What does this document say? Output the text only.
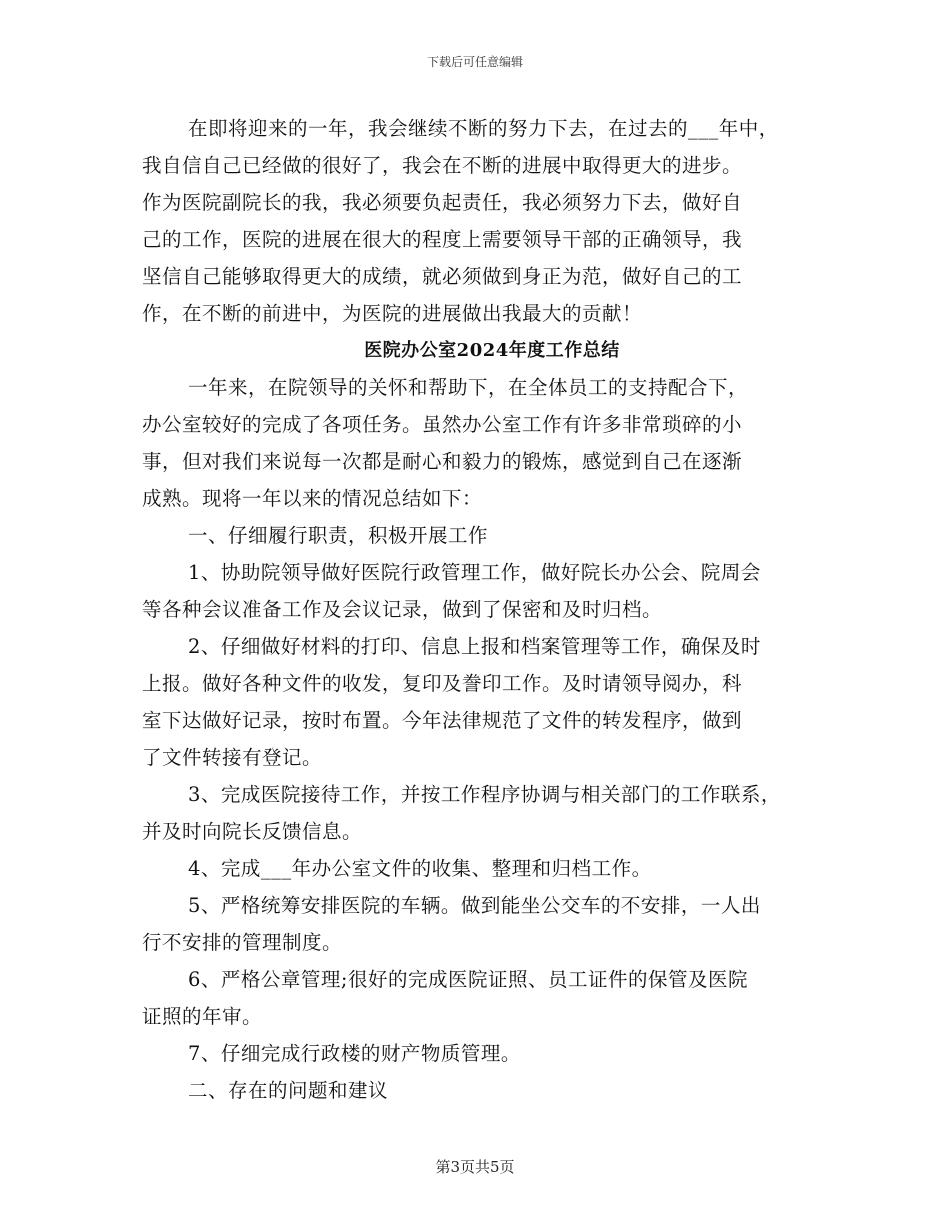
下载后可任意编辑
在即将迎来的一年，我会继续不断的努力下去，在过去的___年中，
我自信自己已经做的很好了，我会在不断的进展中取得更大的进步。
作为医院副院长的我，我必须要负起责任，我必须努力下去，做好自
己的工作，医院的进展在很大的程度上需要领导干部的正确领导，我
坚信自己能够取得更大的成绩，就必须做到身正为范，做好自己的工
作，在不断的前进中，为医院的进展做出我最大的贡献！
医院办公室2024年度工作总结
一年来，在院领导的关怀和帮助下，在全体员工的支持配合下，
办公室较好的完成了各项任务。虽然办公室工作有许多非常琐碎的小
事，但对我们来说每一次都是耐心和毅力的锻炼，感觉到自己在逐渐
成熟。现将一年以来的情况总结如下：
一、仔细履行职责，积极开展工作
1、协助院领导做好医院行政管理工作，做好院长办公会、院周会
等各种会议准备工作及会议记录，做到了保密和及时归档。
2、仔细做好材料的打印、信息上报和档案管理等工作，确保及时
上报。做好各种文件的收发，复印及誊印工作。及时请领导阅办，科
室下达做好记录，按时布置。今年法律规范了文件的转发程序，做到
了文件转接有登记。
3、完成医院接待工作，并按工作程序协调与相关部门的工作联系，
并及时向院长反馈信息。
4、完成___年办公室文件的收集、整理和归档工作。
5、严格统筹安排医院的车辆。做到能坐公交车的不安排，一人出
行不安排的管理制度。
6、严格公章管理;很好的完成医院证照、员工证件的保管及医院
证照的年审。
7、仔细完成行政楼的财产物质管理。
二、存在的问题和建议
第3页共5页
